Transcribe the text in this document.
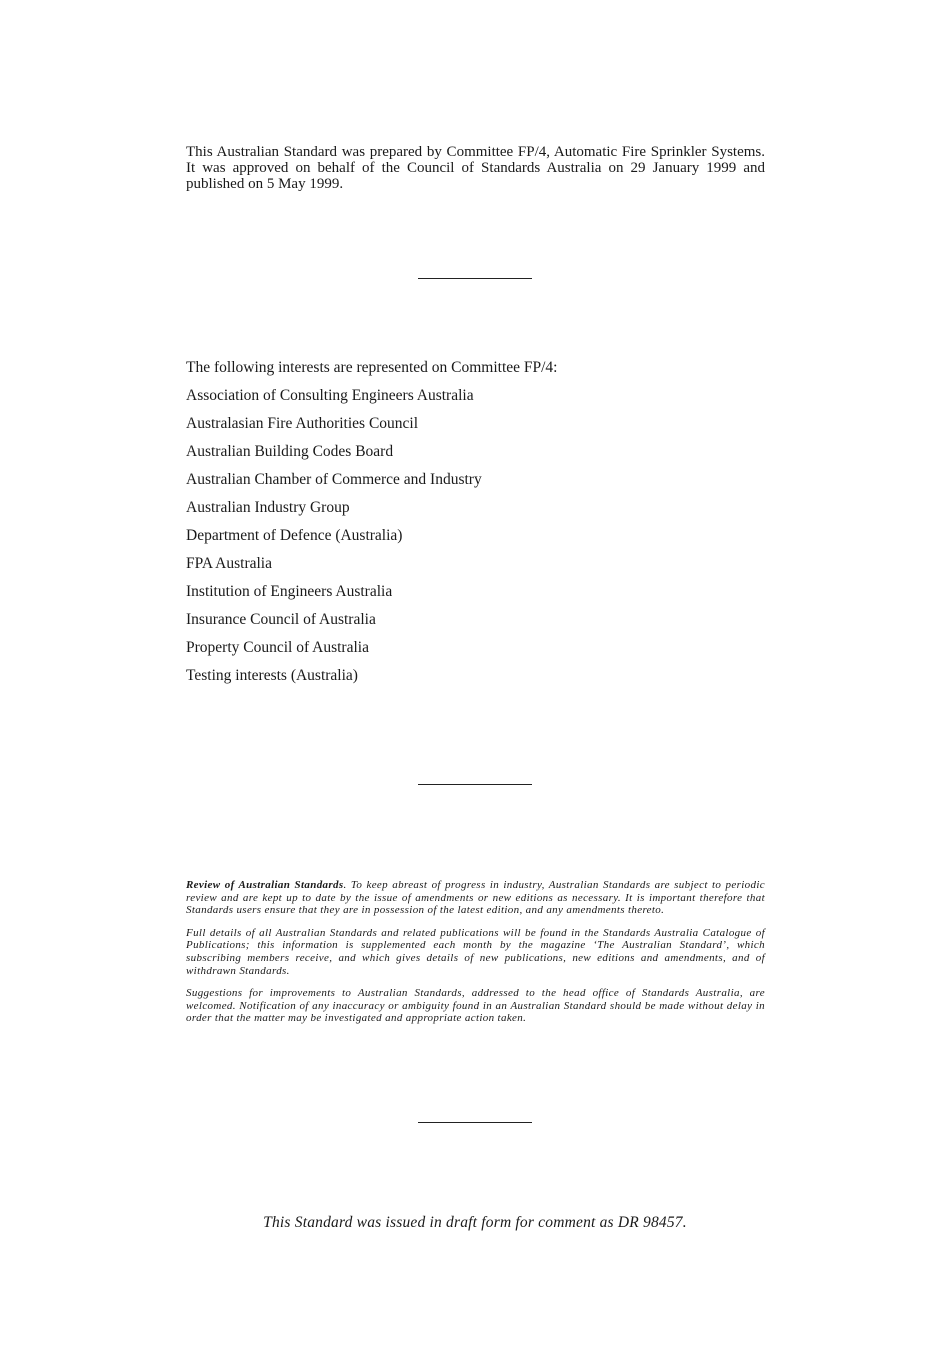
This Australian Standard was prepared by Committee FP/4, Automatic Fire Sprinkler Systems. It was approved on behalf of the Council of Standards Australia on 29 January 1999 and published on 5 May 1999.
The following interests are represented on Committee FP/4:
Association of Consulting Engineers Australia
Australasian Fire Authorities Council
Australian Building Codes Board
Australian Chamber of Commerce and Industry
Australian Industry Group
Department of Defence (Australia)
FPA Australia
Institution of Engineers Australia
Insurance Council of Australia
Property Council of Australia
Testing interests (Australia)

Review of Australian Standards. To keep abreast of progress in industry, Australian Standards are subject to periodic review and are kept up to date by the issue of amendments or new editions as necessary. It is important therefore that Standards users ensure that they are in possession of the latest edition, and any amendments thereto.

Full details of all Australian Standards and related publications will be found in the Standards Australia Catalogue of Publications; this information is supplemented each month by the magazine ‘The Australian Standard’, which subscribing members receive, and which gives details of new publications, new editions and amendments, and of withdrawn Standards.

Suggestions for improvements to Australian Standards, addressed to the head office of Standards Australia, are welcomed. Notification of any inaccuracy or ambiguity found in an Australian Standard should be made without delay in order that the matter may be investigated and appropriate action taken.

This Standard was issued in draft form for comment as DR 98457.
